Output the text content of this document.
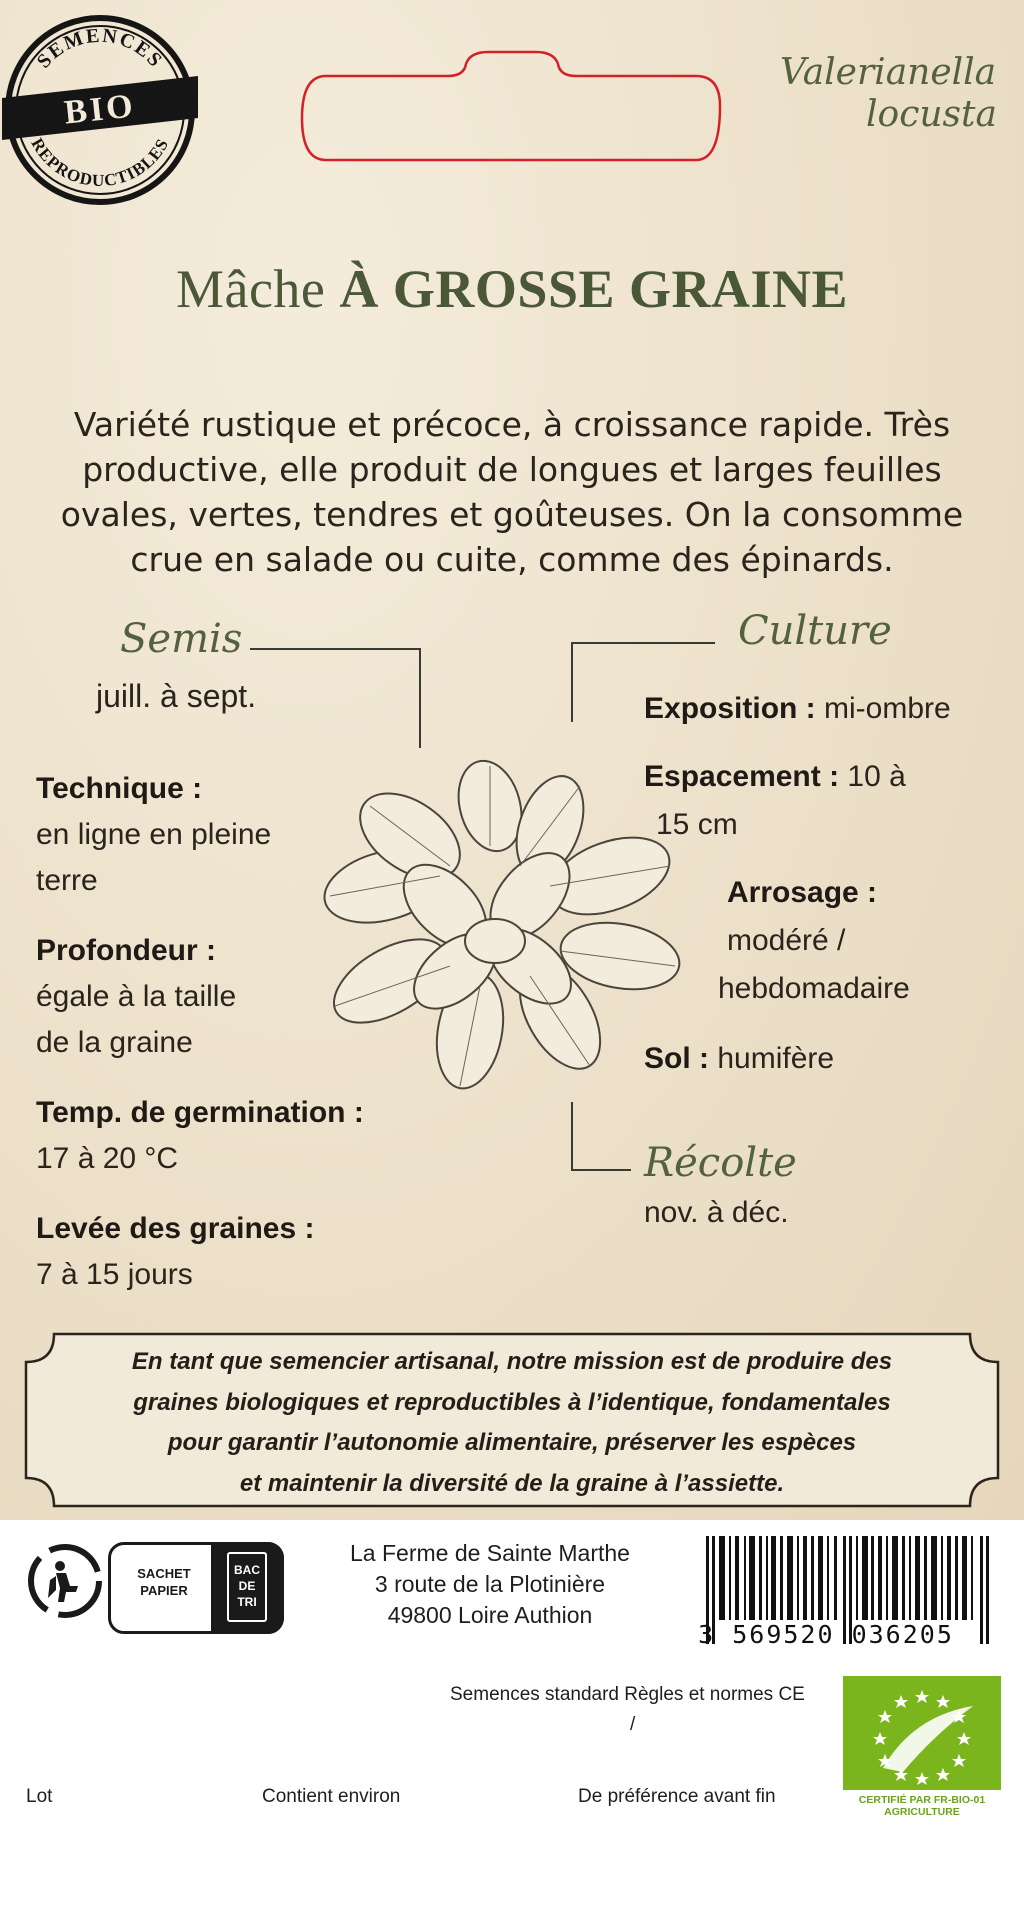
SEMENCES
REPRODUCTIBLES
BIO
Valerianella
locusta
Mâche À GROSSE GRAINE
Variété rustique et précoce, à croissance rapide. Très productive, elle produit de longues et larges feuilles ovales, vertes, tendres et goûteuses. On la consomme crue en salade ou cuite, comme des épinards.
Semis
juill. à sept.
Technique :
en ligne en pleine
terre
Profondeur :
égale à la taille
de la graine
Temp. de germination :
17 à 20 °C
Levée des graines :
7 à 15 jours
Culture
Exposition : mi-ombre
Espacement : 10 à
15 cm
Arrosage :
modéré /
hebdomadaire
Sol : humifère
Récolte
nov. à déc.
En tant que semencier artisanal, notre mission est de produire des
graines biologiques et reproductibles à l’identique, fondamentales
pour garantir l’autonomie alimentaire, préserver les espèces
et maintenir la diversité de la graine à l’assiette.
SACHET
PAPIER
BAC
DE
TRI
La Ferme de Sainte Marthe
3 route de la Plotinière
49800 Loire Authion
3 569520 036205
Semences standard Règles et normes CE
/
Lot	Contient environ	De préférence avant fin	CERTIFIÉ PAR FR-BIO-01
AGRICULTURE
